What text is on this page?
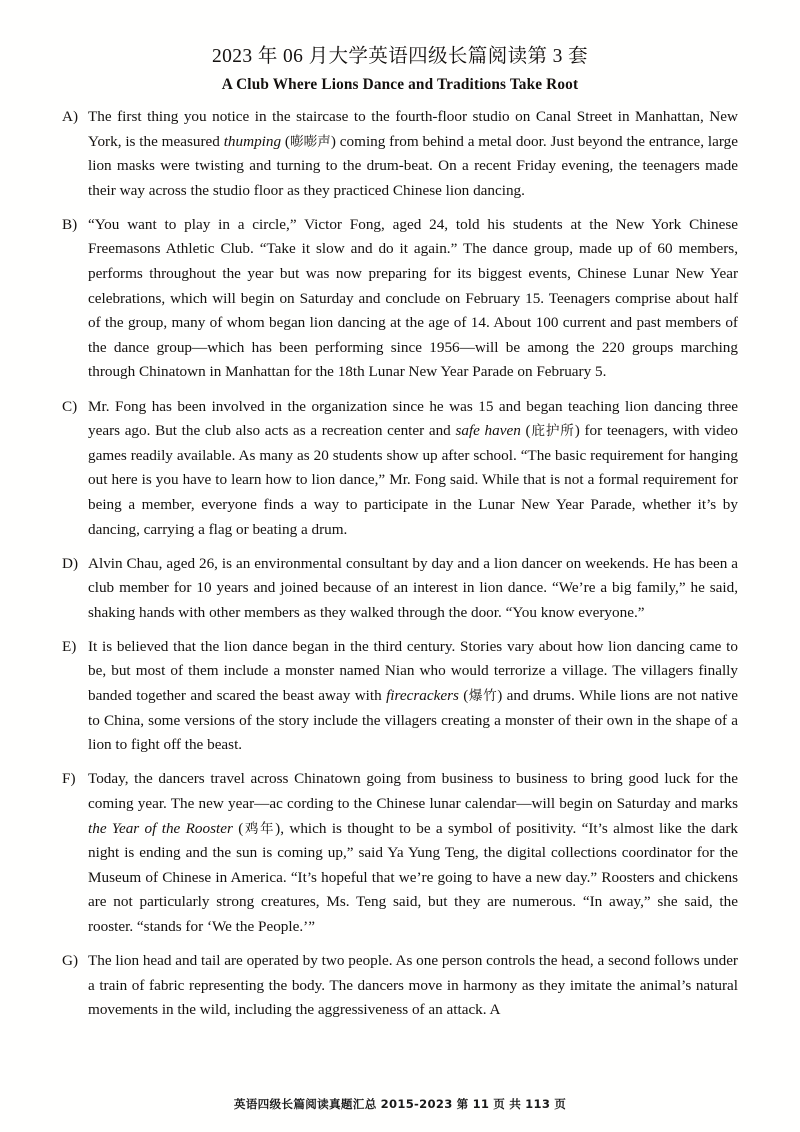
2023 年 06 月大学英语四级长篇阅读第 3 套
A Club Where Lions Dance and Traditions Take Root
A) The first thing you notice in the staircase to the fourth-floor studio on Canal Street in Manhattan, New York, is the measured thumping (嘭嘭声) coming from behind a metal door. Just beyond the entrance, large lion masks were twisting and turning to the drum-beat. On a recent Friday evening, the teenagers made their way across the studio floor as they practiced Chinese lion dancing.
B) “You want to play in a circle,” Victor Fong, aged 24, told his students at the New York Chinese Freemasons Athletic Club. “Take it slow and do it again.” The dance group, made up of 60 members, performs throughout the year but was now preparing for its biggest events, Chinese Lunar New Year celebrations, which will begin on Saturday and conclude on February 15. Teenagers comprise about half of the group, many of whom began lion dancing at the age of 14. About 100 current and past members of the dance group—which has been performing since 1956—will be among the 220 groups marching through Chinatown in Manhattan for the 18th Lunar New Year Parade on February 5.
C) Mr. Fong has been involved in the organization since he was 15 and began teaching lion dancing three years ago. But the club also acts as a recreation center and safe haven (庇护所) for teenagers, with video games readily available. As many as 20 students show up after school. “The basic requirement for hanging out here is you have to learn how to lion dance,” Mr. Fong said. While that is not a formal requirement for being a member, everyone finds a way to participate in the Lunar New Year Parade, whether it’s by dancing, carrying a flag or beating a drum.
D) Alvin Chau, aged 26, is an environmental consultant by day and a lion dancer on weekends. He has been a club member for 10 years and joined because of an interest in lion dance. “We’re a big family,” he said, shaking hands with other members as they walked through the door. “You know everyone.”
E) It is believed that the lion dance began in the third century. Stories vary about how lion dancing came to be, but most of them include a monster named Nian who would terrorize a village. The villagers finally banded together and scared the beast away with firecrackers (爆竹) and drums. While lions are not native to China, some versions of the story include the villagers creating a monster of their own in the shape of a lion to fight off the beast.
F) Today, the dancers travel across Chinatown going from business to business to bring good luck for the coming year. The new year—ac cording to the Chinese lunar calendar—will begin on Saturday and marks the Year of the Rooster (鸡年), which is thought to be a symbol of positivity. “It’s almost like the dark night is ending and the sun is coming up,” said Ya Yung Teng, the digital collections coordinator for the Museum of Chinese in America. “It’s hopeful that we’re going to have a new day.” Roosters and chickens are not particularly strong creatures, Ms. Teng said, but they are numerous. “In away,” she said, the rooster. “stands for ‘We the People.’”
G) The lion head and tail are operated by two people. As one person controls the head, a second follows under a train of fabric representing the body. The dancers move in harmony as they imitate the animal’s natural movements in the wild, including the aggressiveness of an attack. A
英语四级长篇阅读真题汇总 2015-2023 第 11 页 共 113 页
